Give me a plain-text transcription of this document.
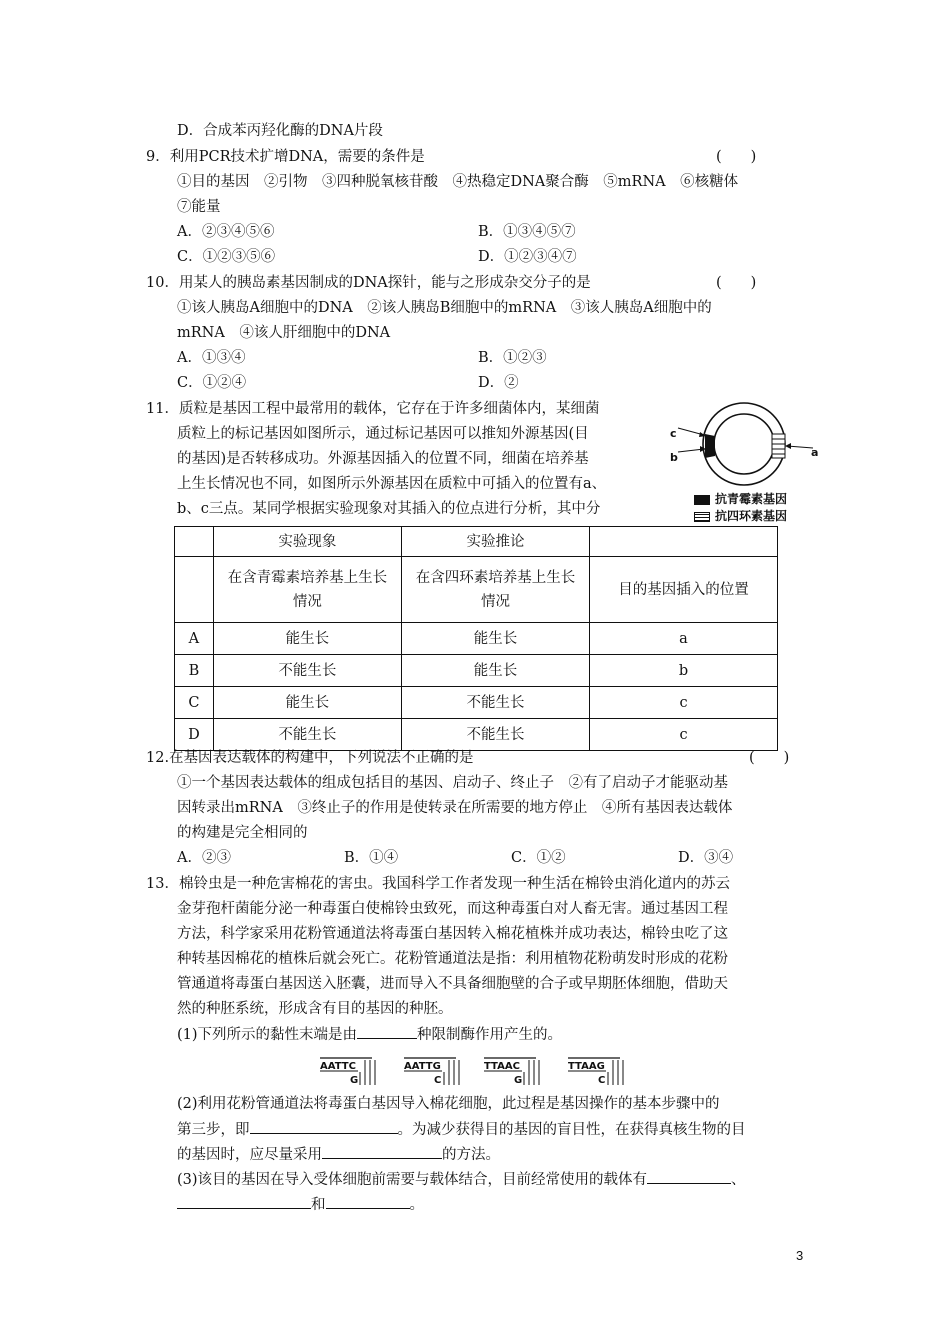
D．合成苯丙羟化酶的DNA片段
9．利用PCR技术扩增DNA，需要的条件是	(　　)
①目的基因　②引物　③四种脱氧核苷酸　④热稳定DNA聚合酶　⑤mRNA　⑥核糖体
⑦能量
A．②③④⑤⑥	B．①③④⑤⑦
C．①②③⑤⑥	D．①②③④⑦
10．用某人的胰岛素基因制成的DNA探针，能与之形成杂交分子的是	(　　)
①该人胰岛A细胞中的DNA　②该人胰岛B细胞中的mRNA　③该人胰岛A细胞中的
mRNA　④该人肝细胞中的DNA
A．①③④	B．①②③
C．①②④	D．②
11．质粒是基因工程中最常用的载体，它存在于许多细菌体内，某细菌
质粒上的标记基因如图所示，通过标记基因可以推知外源基因(目
的基因)是否转移成功。外源基因插入的位置不同，细菌在培养基
上生长情况也不同，如图所示外源基因在质粒中可插入的位置有a、
b、c三点。某同学根据实验现象对其插入的位点进行分析，其中分
c
b	a
抗青霉素基因
抗四环素基因
	实验现象	实验推论	
	在含青霉素培养基上生长情况	在含四环素培养基上生长情况	目的基因插入的位置
A	能生长	能生长	a
B	不能生长	能生长	b
C	能生长	不能生长	c
D	不能生长	不能生长	c
12.在基因表达载体的构建中，下列说法不正确的是	(　　)
①一个基因表达载体的组成包括目的基因、启动子、终止子　②有了启动子才能驱动基
因转录出mRNA　③终止子的作用是使转录在所需要的地方停止　④所有基因表达载体
的构建是完全相同的
A．②③	B．①④	C．①②	D．③④
13．棉铃虫是一种危害棉花的害虫。我国科学工作者发现一种生活在棉铃虫消化道内的苏云
金芽孢杆菌能分泌一种毒蛋白使棉铃虫致死，而这种毒蛋白对人畜无害。通过基因工程
方法，科学家采用花粉管通道法将毒蛋白基因转入棉花植株并成功表达，棉铃虫吃了这
种转基因棉花的植株后就会死亡。花粉管通道法是指：利用植物花粉萌发时形成的花粉
管通道将毒蛋白基因送入胚囊，进而导入不具备细胞壁的合子或早期胚体细胞，借助天
然的种胚系统，形成含有目的基因的种胚。
(1)下列所示的黏性末端是由	种限制酶作用产生的。
AATTC
G
AATTG
C
TTAAC
G
TTAAG
C
(2)利用花粉管通道法将毒蛋白基因导入棉花细胞，此过程是基因操作的基本步骤中的
第三步，即	。为减少获得目的基因的盲目性，在获得真核生物的目
的基因时，应尽量采用	的方法。
(3)该目的基因在导入受体细胞前需要与载体结合，目前经常使用的载体有	、
和	。
3
